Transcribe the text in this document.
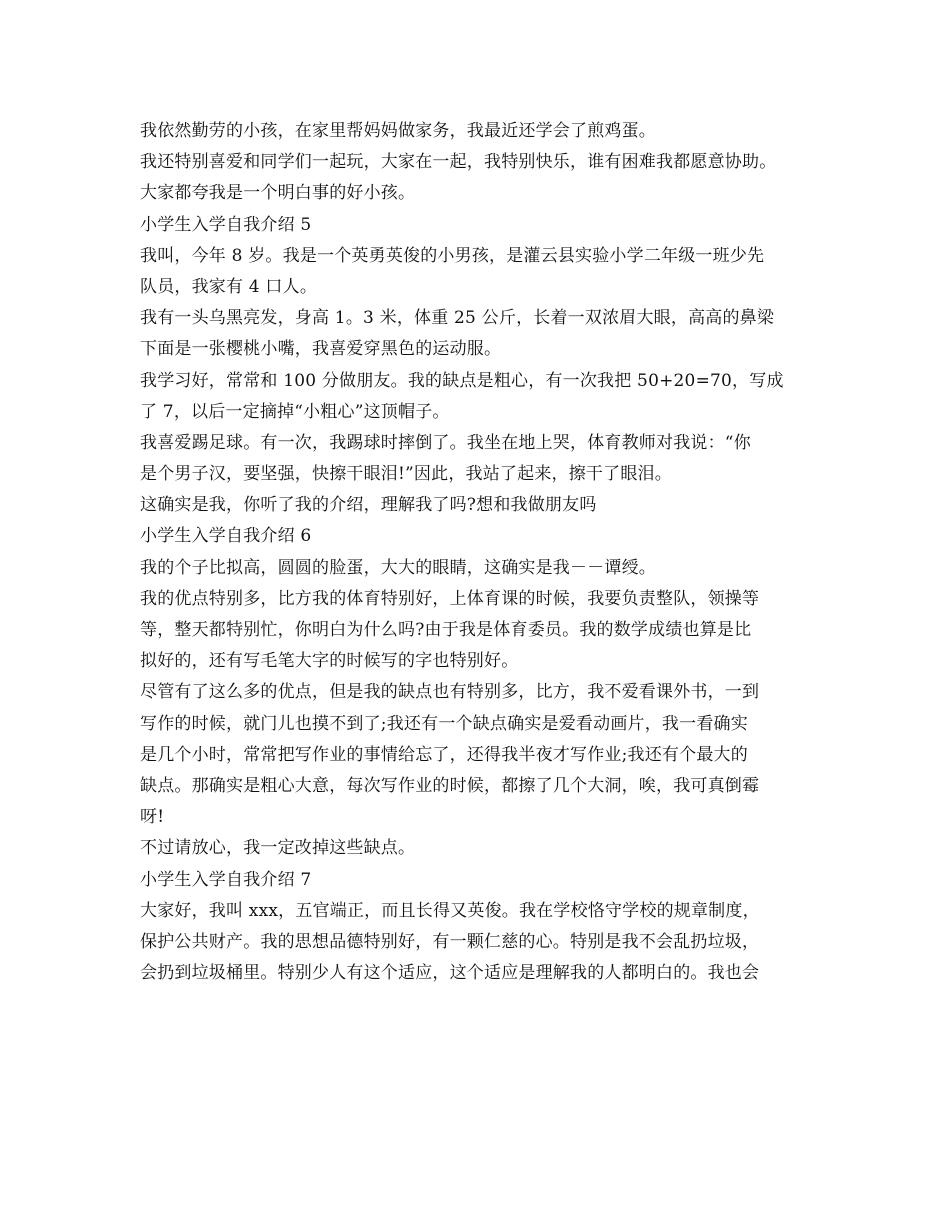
我依然勤劳的小孩，在家里帮妈妈做家务，我最近还学会了煎鸡蛋。
我还特别喜爱和同学们一起玩，大家在一起，我特别快乐，谁有困难我都愿意协助。
大家都夸我是一个明白事的好小孩。
小学生入学自我介绍 5
我叫，今年 8 岁。我是一个英勇英俊的小男孩，是灌云县实验小学二年级一班少先
队员，我家有 4 口人。
我有一头乌黑亮发，身高 1。3 米，体重 25 公斤，长着一双浓眉大眼，高高的鼻梁
下面是一张樱桃小嘴，我喜爱穿黑色的运动服。
我学习好，常常和 100 分做朋友。我的缺点是粗心，有一次我把 50+20=70，写成
了 7，以后一定摘掉“小粗心”这顶帽子。
我喜爱踢足球。有一次，我踢球时摔倒了。我坐在地上哭，体育教师对我说：“你
是个男子汉，要坚强，快擦干眼泪!”因此，我站了起来，擦干了眼泪。
这确实是我，你听了我的介绍，理解我了吗?想和我做朋友吗
小学生入学自我介绍 6
我的个子比拟高，圆圆的脸蛋，大大的眼睛，这确实是我－－谭绶。
我的优点特别多，比方我的体育特别好，上体育课的时候，我要负责整队，领操等
等，整天都特别忙，你明白为什么吗?由于我是体育委员。我的数学成绩也算是比
拟好的，还有写毛笔大字的时候写的字也特别好。
尽管有了这么多的优点，但是我的缺点也有特别多，比方，我不爱看课外书，一到
写作的时候，就门儿也摸不到了;我还有一个缺点确实是爱看动画片，我一看确实
是几个小时，常常把写作业的事情给忘了，还得我半夜才写作业;我还有个最大的
缺点。那确实是粗心大意，每次写作业的时候，都擦了几个大洞，唉，我可真倒霉
呀!
不过请放心，我一定改掉这些缺点。
小学生入学自我介绍 7
大家好，我叫 xxx，五官端正，而且长得又英俊。我在学校恪守学校的规章制度，
保护公共财产。我的思想品德特别好，有一颗仁慈的心。特别是我不会乱扔垃圾，
会扔到垃圾桶里。特别少人有这个适应，这个适应是理解我的人都明白的。我也会
